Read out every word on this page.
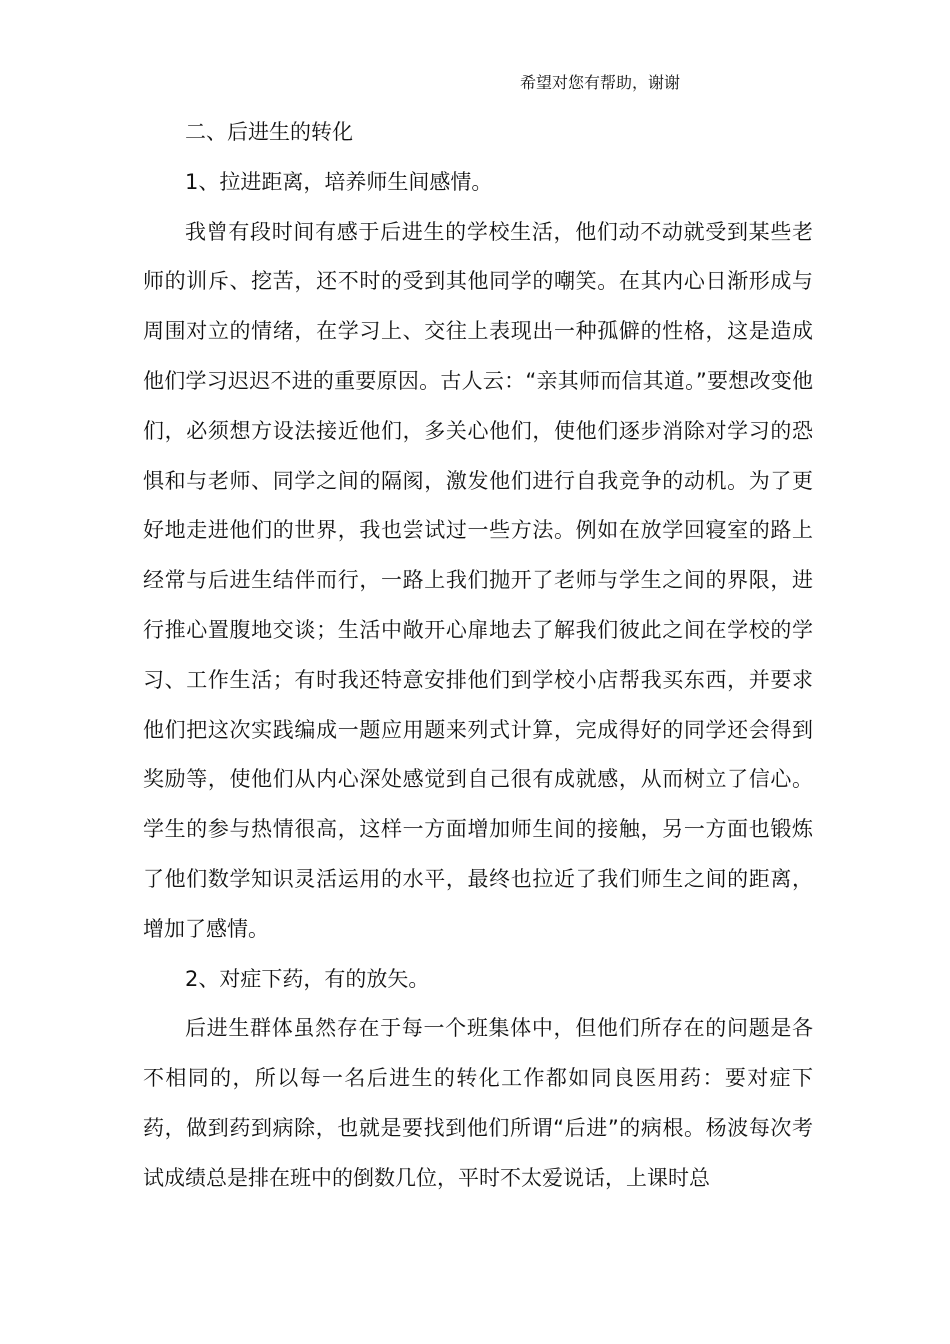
希望对您有帮助，谢谢

二、后进生的转化

1、拉进距离，培养师生间感情。

我曾有段时间有感于后进生的学校生活，他们动不动就受到某些老师的训斥、挖苦，还不时的受到其他同学的嘲笑。在其内心日渐形成与周围对立的情绪，在学习上、交往上表现出一种孤僻的性格，这是造成他们学习迟迟不进的重要原因。古人云：“亲其师而信其道。”要想改变他们，必须想方设法接近他们，多关心他们，使他们逐步消除对学习的恐惧和与老师、同学之间的隔阂，激发他们进行自我竞争的动机。为了更好地走进他们的世界，我也尝试过一些方法。例如在放学回寝室的路上经常与后进生结伴而行，一路上我们抛开了老师与学生之间的界限，进行推心置腹地交谈；生活中敞开心扉地去了解我们彼此之间在学校的学习、工作生活；有时我还特意安排他们到学校小店帮我买东西，并要求他们把这次实践编成一题应用题来列式计算，完成得好的同学还会得到奖励等，使他们从内心深处感觉到自己很有成就感，从而树立了信心。学生的参与热情很高，这样一方面增加师生间的接触，另一方面也锻炼了他们数学知识灵活运用的水平，最终也拉近了我们师生之间的距离，增加了感情。

2、对症下药，有的放矢。

后进生群体虽然存在于每一个班集体中，但他们所存在的问题是各不相同的，所以每一名后进生的转化工作都如同良医用药：要对症下药，做到药到病除，也就是要找到他们所谓“后进”的病根。杨波每次考试成绩总是排在班中的倒数几位，平时不太爱说话，上课时总
